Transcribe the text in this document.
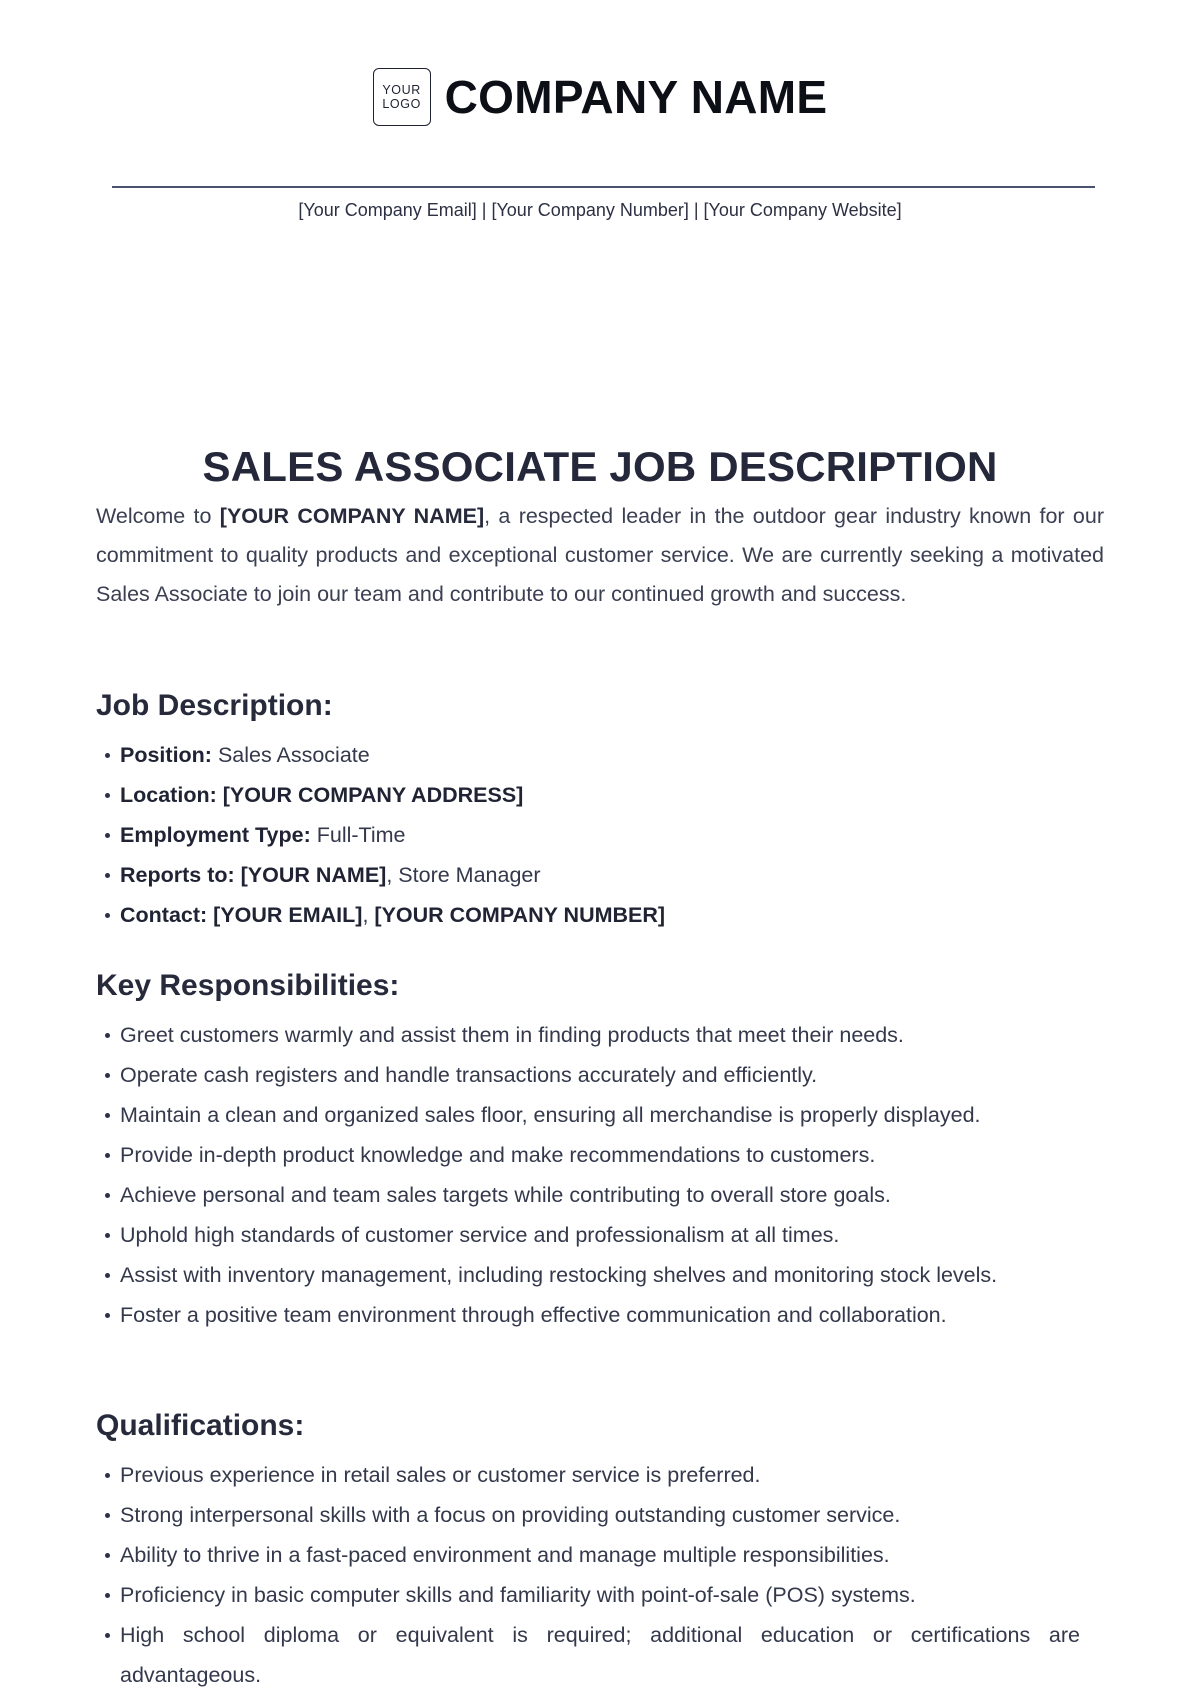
YOUR
LOGO COMPANY NAME
[Your Company Email] | [Your Company Number] | [Your Company Website]
SALES ASSOCIATE JOB DESCRIPTION

Welcome to [YOUR COMPANY NAME], a respected leader in the outdoor gear industry known for our commitment to quality products and exceptional customer service. We are currently seeking a motivated Sales Associate to join our team and contribute to our continued growth and success.

Job Description:
Position: Sales Associate
Location: [YOUR COMPANY ADDRESS]
Employment Type: Full-Time
Reports to: [YOUR NAME], Store Manager
Contact: [YOUR EMAIL], [YOUR COMPANY NUMBER]
Key Responsibilities:
Greet customers warmly and assist them in finding products that meet their needs.
Operate cash registers and handle transactions accurately and efficiently.
Maintain a clean and organized sales floor, ensuring all merchandise is properly displayed.
Provide in-depth product knowledge and make recommendations to customers.
Achieve personal and team sales targets while contributing to overall store goals.
Uphold high standards of customer service and professionalism at all times.
Assist with inventory management, including restocking shelves and monitoring stock levels.
Foster a positive team environment through effective communication and collaboration.
Qualifications:
Previous experience in retail sales or customer service is preferred.
Strong interpersonal skills with a focus on providing outstanding customer service.
Ability to thrive in a fast-paced environment and manage multiple responsibilities.
Proficiency in basic computer skills and familiarity with point-of-sale (POS) systems.
High school diploma or equivalent is required; additional education or certifications are advantageous.
